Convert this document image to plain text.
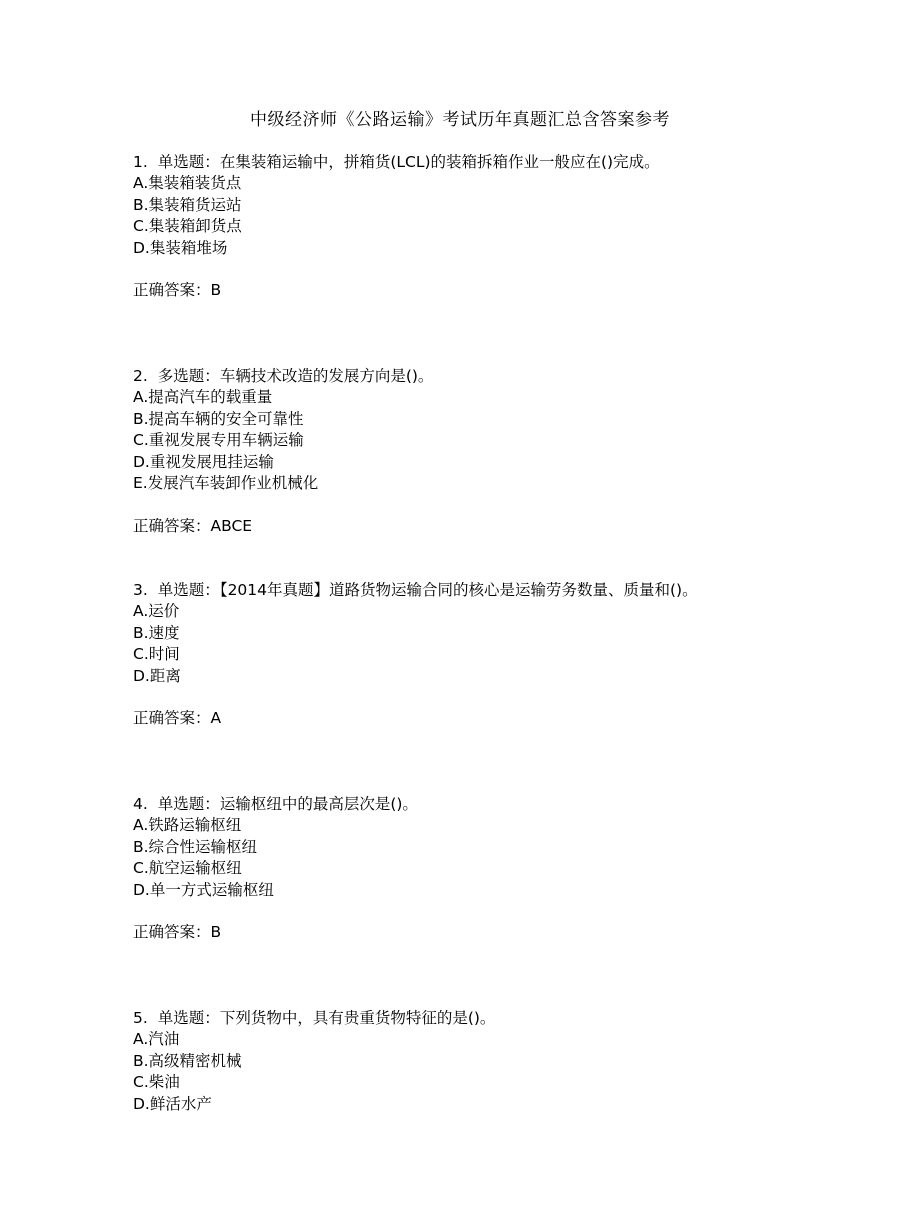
中级经济师《公路运输》考试历年真题汇总含答案参考
1. 单选题：在集装箱运输中，拼箱货(LCL)的装箱拆箱作业一般应在()完成。
A.集装箱装货点
B.集装箱货运站
C.集装箱卸货点
D.集装箱堆场
正确答案：B
2. 多选题：车辆技术改造的发展方向是()。
A.提高汽车的载重量
B.提高车辆的安全可靠性
C.重视发展专用车辆运输
D.重视发展甩挂运输
E.发展汽车装卸作业机械化
正确答案：ABCE
3. 单选题：【2014年真题】道路货物运输合同的核心是运输劳务数量、质量和()。
A.运价
B.速度
C.时间
D.距离
正确答案：A
4. 单选题：运输枢纽中的最高层次是()。
A.铁路运输枢纽
B.综合性运输枢纽
C.航空运输枢纽
D.单一方式运输枢纽
正确答案：B
5. 单选题：下列货物中，具有贵重货物特征的是()。
A.汽油
B.高级精密机械
C.柴油
D.鲜活水产
